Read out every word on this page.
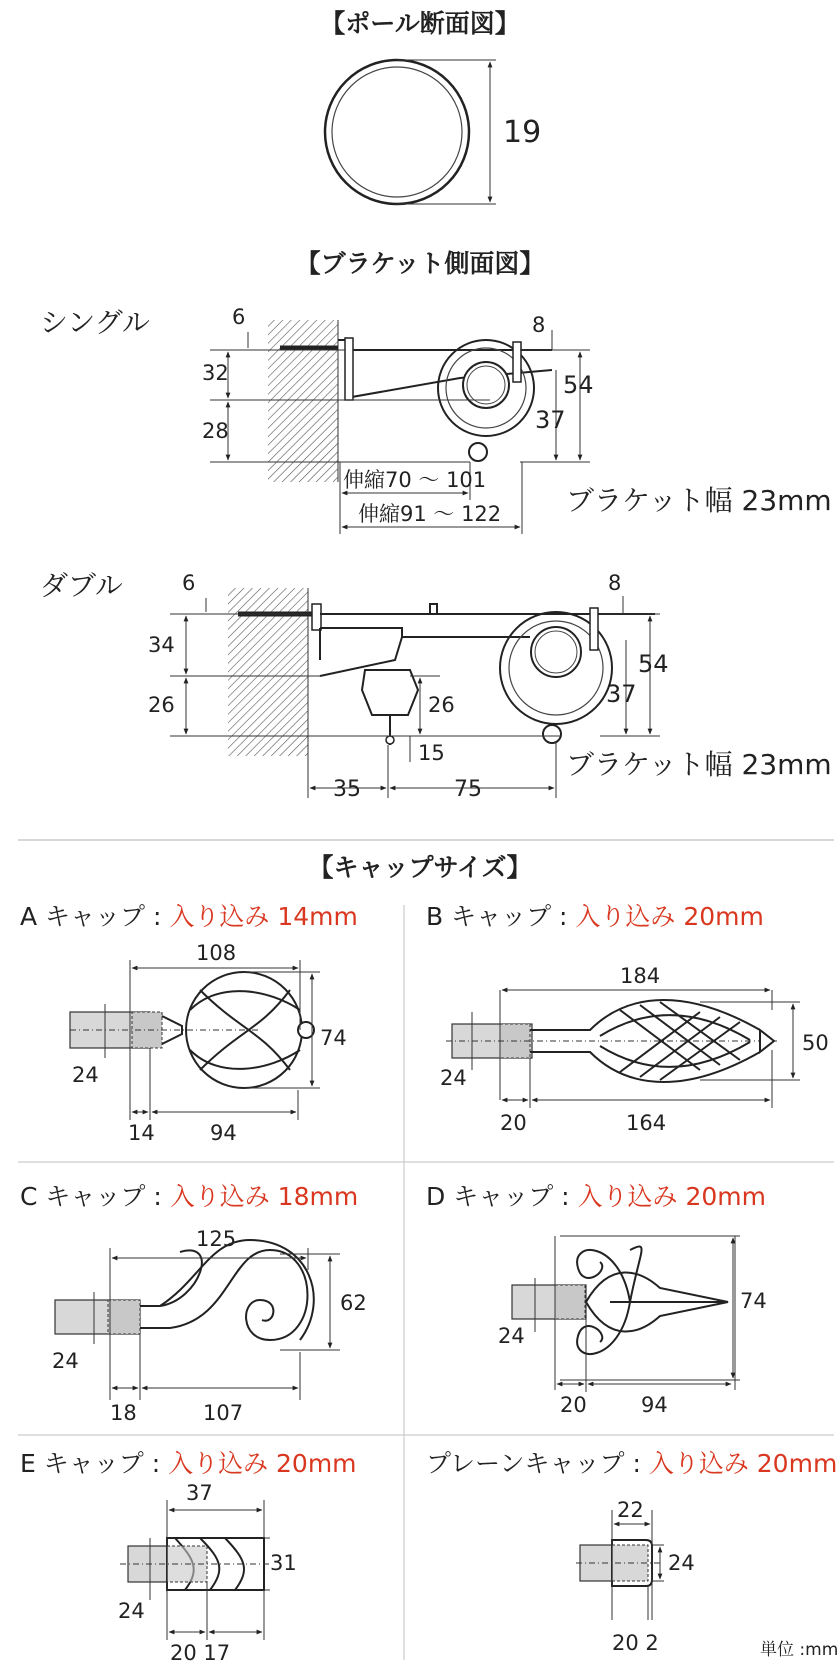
【ポール断面図】
19
【ブラケット側面図】
シングル
32
28
6	8
54
37
伸縮70 ～ 101
伸縮91 ～ 122 ブラケット幅 23mm
ダブル
34
26
6
26
15
8
54
37
35	75
ブラケット幅 23mm
【キャップサイズ】
A キャップ : 入り込み 14mm
108
74
24
14	94
B キャップ : 入り込み 20mm
184
50
24
20	164
C キャップ : 入り込み 18mm
125
62
24
18	107
D キャップ : 入り込み 20mm
74
24
20	94
E キャップ : 入り込み 20mm
37
31
24
20 17
プレーンキャップ : 入り込み 20mm
22
24
20 2	単位 :mm
